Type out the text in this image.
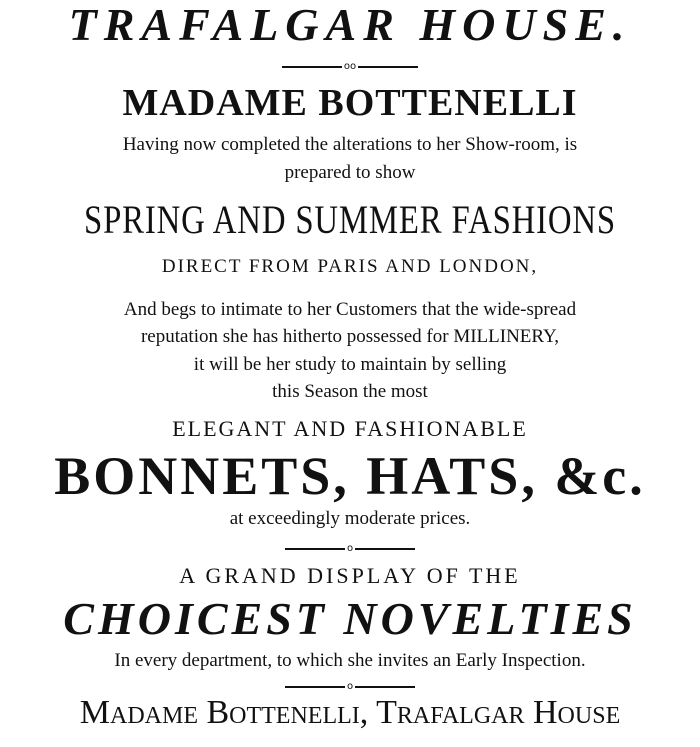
TRAFALGAR HOUSE.
oo
MADAME BOTTENELLI
Having now completed the alterations to her Show-room, is
prepared to show
SPRING AND SUMMER FASHIONS
DIRECT FROM PARIS AND LONDON,
And begs to intimate to her Customers that the wide-spread
reputation she has hitherto possessed for MILLINERY,
it will be her study to maintain by selling
this Season the most
ELEGANT AND FASHIONABLE
BONNETS, HATS, &c.
at exceedingly moderate prices.
o
A GRAND DISPLAY OF THE
CHOICEST NOVELTIES
In every department, to which she invites an Early Inspection.
o
Madame Bottenelli, Trafalgar House
